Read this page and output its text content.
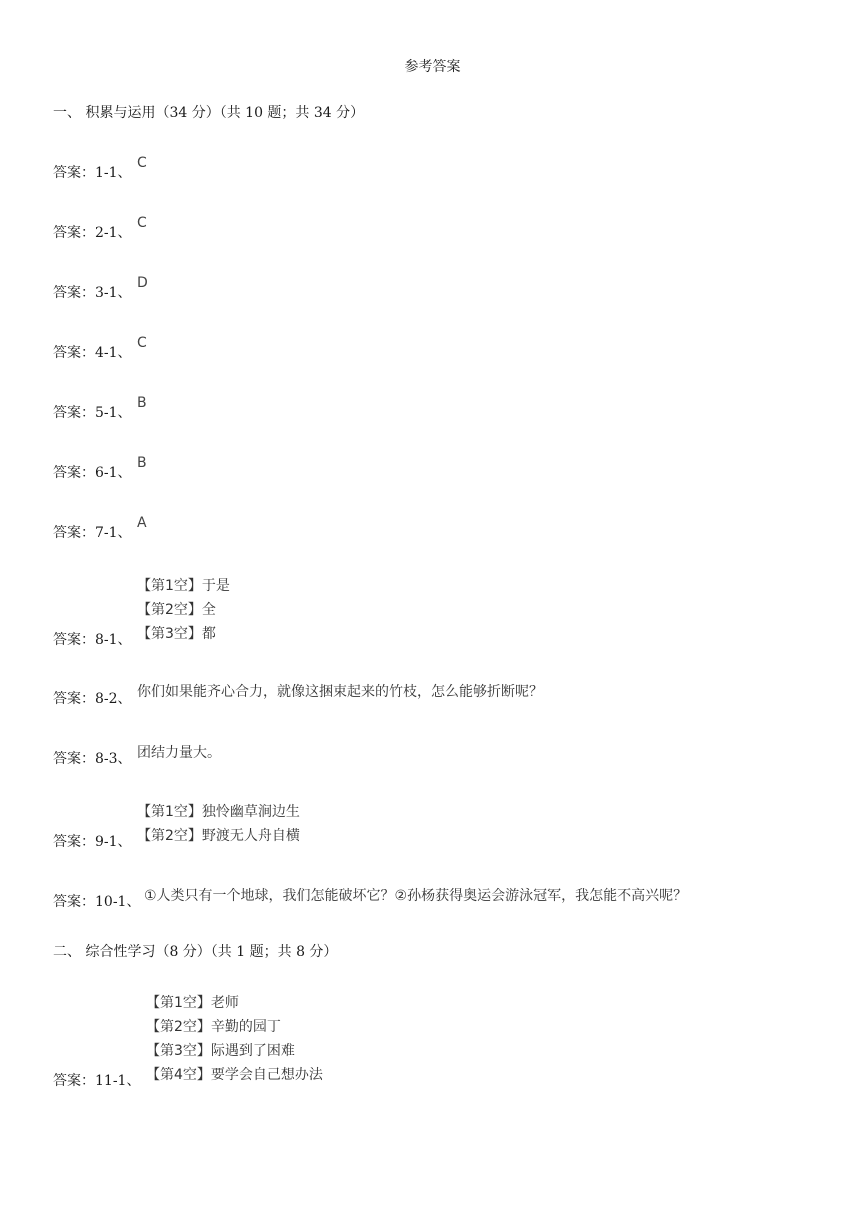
参考答案
一、 积累与运用（34 分）（共 10 题；共 34 分）
答案：1-1、
C
答案：2-1、
C
答案：3-1、
D
答案：4-1、
C
答案：5-1、
B
答案：6-1、
B
答案：7-1、
A
【第1空】于是
【第2空】全
【第3空】都
答案：8-1、
答案：8-2、 你们如果能齐心合力，就像这捆束起来的竹枝，怎么能够折断呢？
答案：8-3、 团结力量大。
【第1空】独怜幽草涧边生
【第2空】野渡无人舟自横
答案：9-1、
答案：10-1、 ①人类只有一个地球，我们怎能破坏它？②孙杨获得奥运会游泳冠军，我怎能不高兴呢？
二、 综合性学习（8 分）（共 1 题；共 8 分）
【第1空】老师
【第2空】辛勤的园丁
【第3空】际遇到了困难
【第4空】要学会自己想办法
答案：11-1、
